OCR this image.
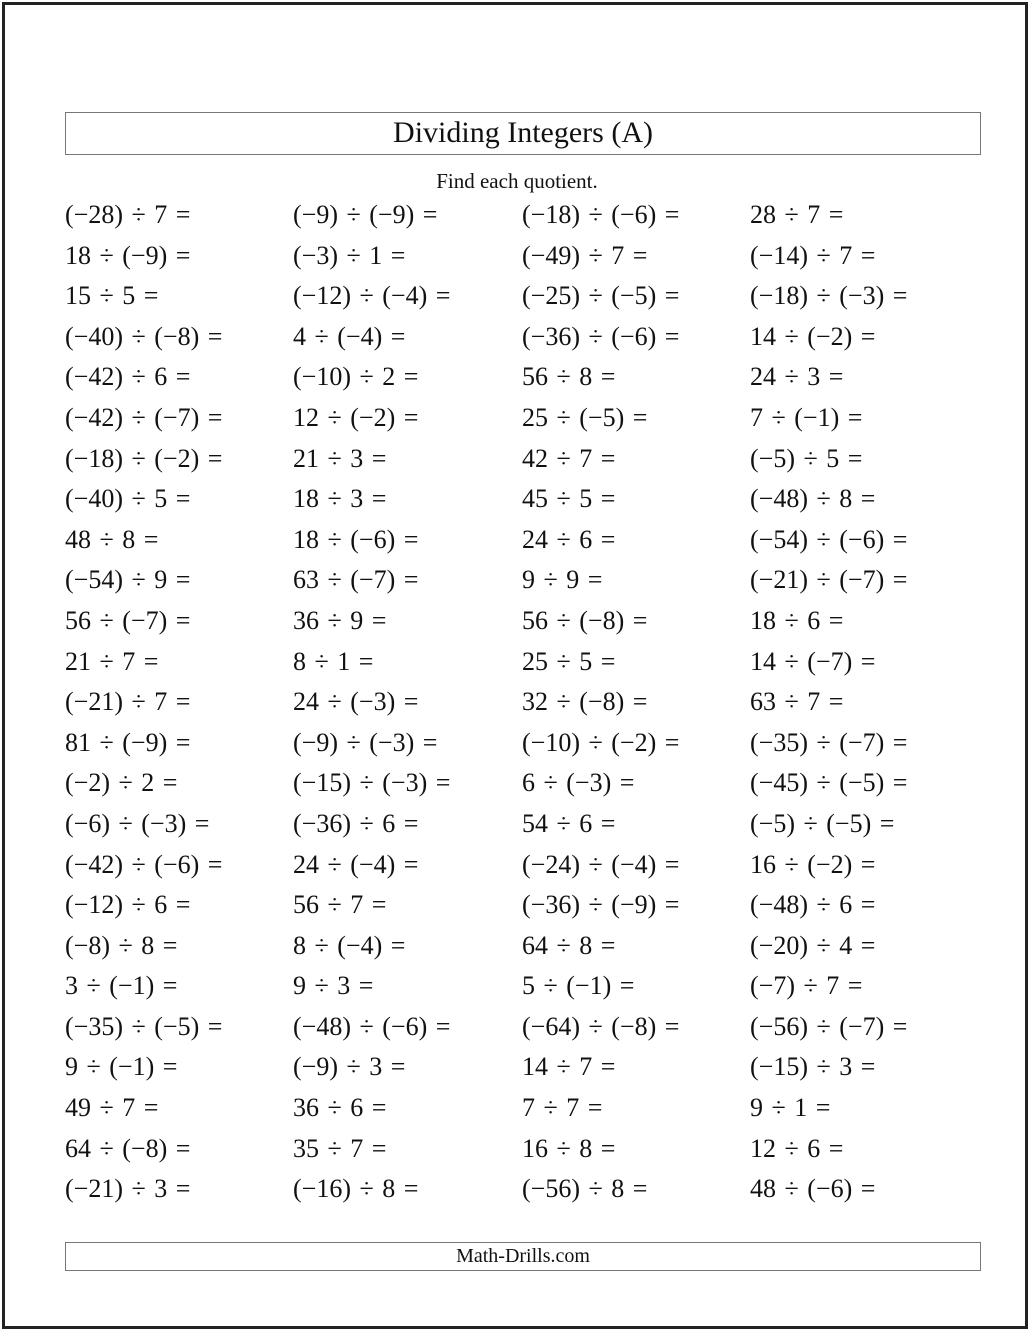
Dividing Integers (A)
Find each quotient.
(−28) ÷ 7 =	(−9) ÷ (−9) =	(−18) ÷ (−6) =	28 ÷ 7 =
18 ÷ (−9) =	(−3) ÷ 1 =	(−49) ÷ 7 =	(−14) ÷ 7 =
15 ÷ 5 =	(−12) ÷ (−4) =	(−25) ÷ (−5) =	(−18) ÷ (−3) =
(−40) ÷ (−8) =	4 ÷ (−4) =	(−36) ÷ (−6) =	14 ÷ (−2) =
(−42) ÷ 6 =	(−10) ÷ 2 =	56 ÷ 8 =	24 ÷ 3 =
(−42) ÷ (−7) =	12 ÷ (−2) =	25 ÷ (−5) =	7 ÷ (−1) =
(−18) ÷ (−2) =	21 ÷ 3 =	42 ÷ 7 =	(−5) ÷ 5 =
(−40) ÷ 5 =	18 ÷ 3 =	45 ÷ 5 =	(−48) ÷ 8 =
48 ÷ 8 =	18 ÷ (−6) =	24 ÷ 6 =	(−54) ÷ (−6) =
(−54) ÷ 9 =	63 ÷ (−7) =	9 ÷ 9 =	(−21) ÷ (−7) =
56 ÷ (−7) =	36 ÷ 9 =	56 ÷ (−8) =	18 ÷ 6 =
21 ÷ 7 =	8 ÷ 1 =	25 ÷ 5 =	14 ÷ (−7) =
(−21) ÷ 7 =	24 ÷ (−3) =	32 ÷ (−8) =	63 ÷ 7 =
81 ÷ (−9) =	(−9) ÷ (−3) =	(−10) ÷ (−2) =	(−35) ÷ (−7) =
(−2) ÷ 2 =	(−15) ÷ (−3) =	6 ÷ (−3) =	(−45) ÷ (−5) =
(−6) ÷ (−3) =	(−36) ÷ 6 =	54 ÷ 6 =	(−5) ÷ (−5) =
(−42) ÷ (−6) =	24 ÷ (−4) =	(−24) ÷ (−4) =	16 ÷ (−2) =
(−12) ÷ 6 =	56 ÷ 7 =	(−36) ÷ (−9) =	(−48) ÷ 6 =
(−8) ÷ 8 =	8 ÷ (−4) =	64 ÷ 8 =	(−20) ÷ 4 =
3 ÷ (−1) =	9 ÷ 3 =	5 ÷ (−1) =	(−7) ÷ 7 =
(−35) ÷ (−5) =	(−48) ÷ (−6) =	(−64) ÷ (−8) =	(−56) ÷ (−7) =
9 ÷ (−1) =	(−9) ÷ 3 =	14 ÷ 7 =	(−15) ÷ 3 =
49 ÷ 7 =	36 ÷ 6 =	7 ÷ 7 =	9 ÷ 1 =
64 ÷ (−8) =	35 ÷ 7 =	16 ÷ 8 =	12 ÷ 6 =
(−21) ÷ 3 =	(−16) ÷ 8 =	(−56) ÷ 8 =	48 ÷ (−6) =
Math-Drills.com
